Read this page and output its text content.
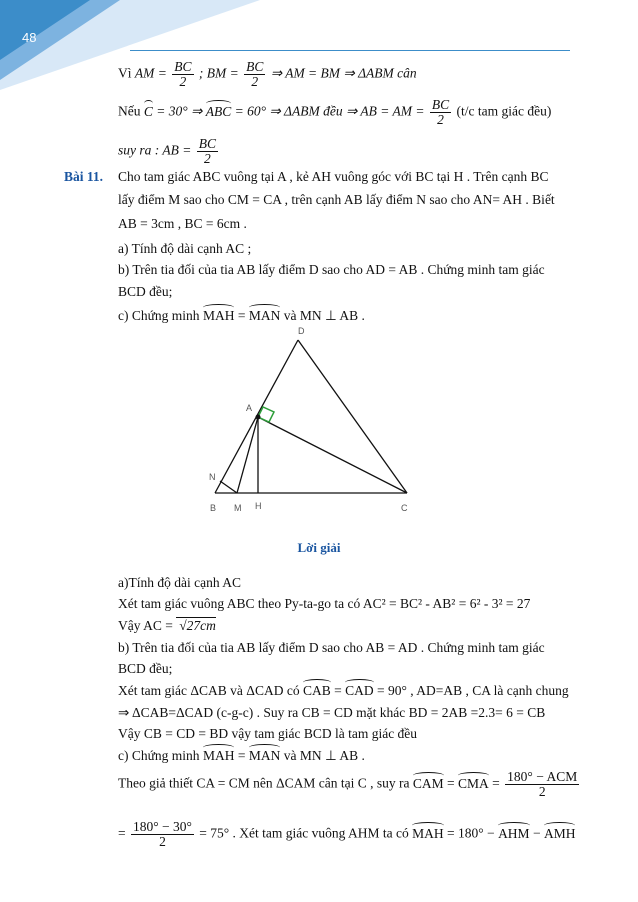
48
Vì AM = $\frac{BC}{2}$ ; BM = $\frac{BC}{2}$ ⇒ AM = BM ⇒ ΔABM cân
Nếu C = 30° ⇒ ABC = 60° ⇒ ΔABM đều ⇒ AB = AM = $\frac{BC}{2} (t/c$ tam giác đều)
suy ra : AB = $\frac{BC}{2}$
Bài 11. Cho tam giác ABC vuông tại A , kẻ AH vuông góc với BC tại H . Trên cạnh BC
lấy điểm M sao cho CM = CA , trên cạnh AB lấy điểm N sao cho AN= AH . Biết
AB = 3cm , BC = 6cm .
a) Tính độ dài cạnh AC ;
b) Trên tia đối của tia AB lấy điểm D sao cho AD = AB . Chứng minh tam giác
BCD đều;
c) Chứng minh MAH = MAN và MN ⊥ AB .
D
A
N
B M H	C
Lời giải
a)Tính độ dài cạnh AC
Xét tam giác vuông ABC theo Py-ta-go ta có AC² = BC² - AB² = 6² - 3² = 27
Vậy AC = √27cm
b) Trên tia đối của tia AB lấy điểm D sao cho AB = AD . Chứng minh tam giác
BCD đều;
Xét tam giác ΔCAB và ΔCAD có CAB = CAD = 90° , AD=AB , CA là cạnh chung
⇒ ΔCAB=ΔCAD (c-g-c) . Suy ra CB = CD mặt khác BD = 2AB =2.3= 6 = CB
Vậy CB = CD = BD vậy tam giác BCD là tam giác đều
c) Chứng minh MAH = MAN và MN ⊥ AB .
Theo giả thiết CA = CM nên ΔCAM cân tại C , suy ra CAM = CMA = $\frac{\text{180° − ACM}}{2}$
= $\frac{180^\circ - 30^\circ}{2} = 75^\circ$ . Xét tam giác vuông AHM ta có MAH = 180° − AHM − AMH
